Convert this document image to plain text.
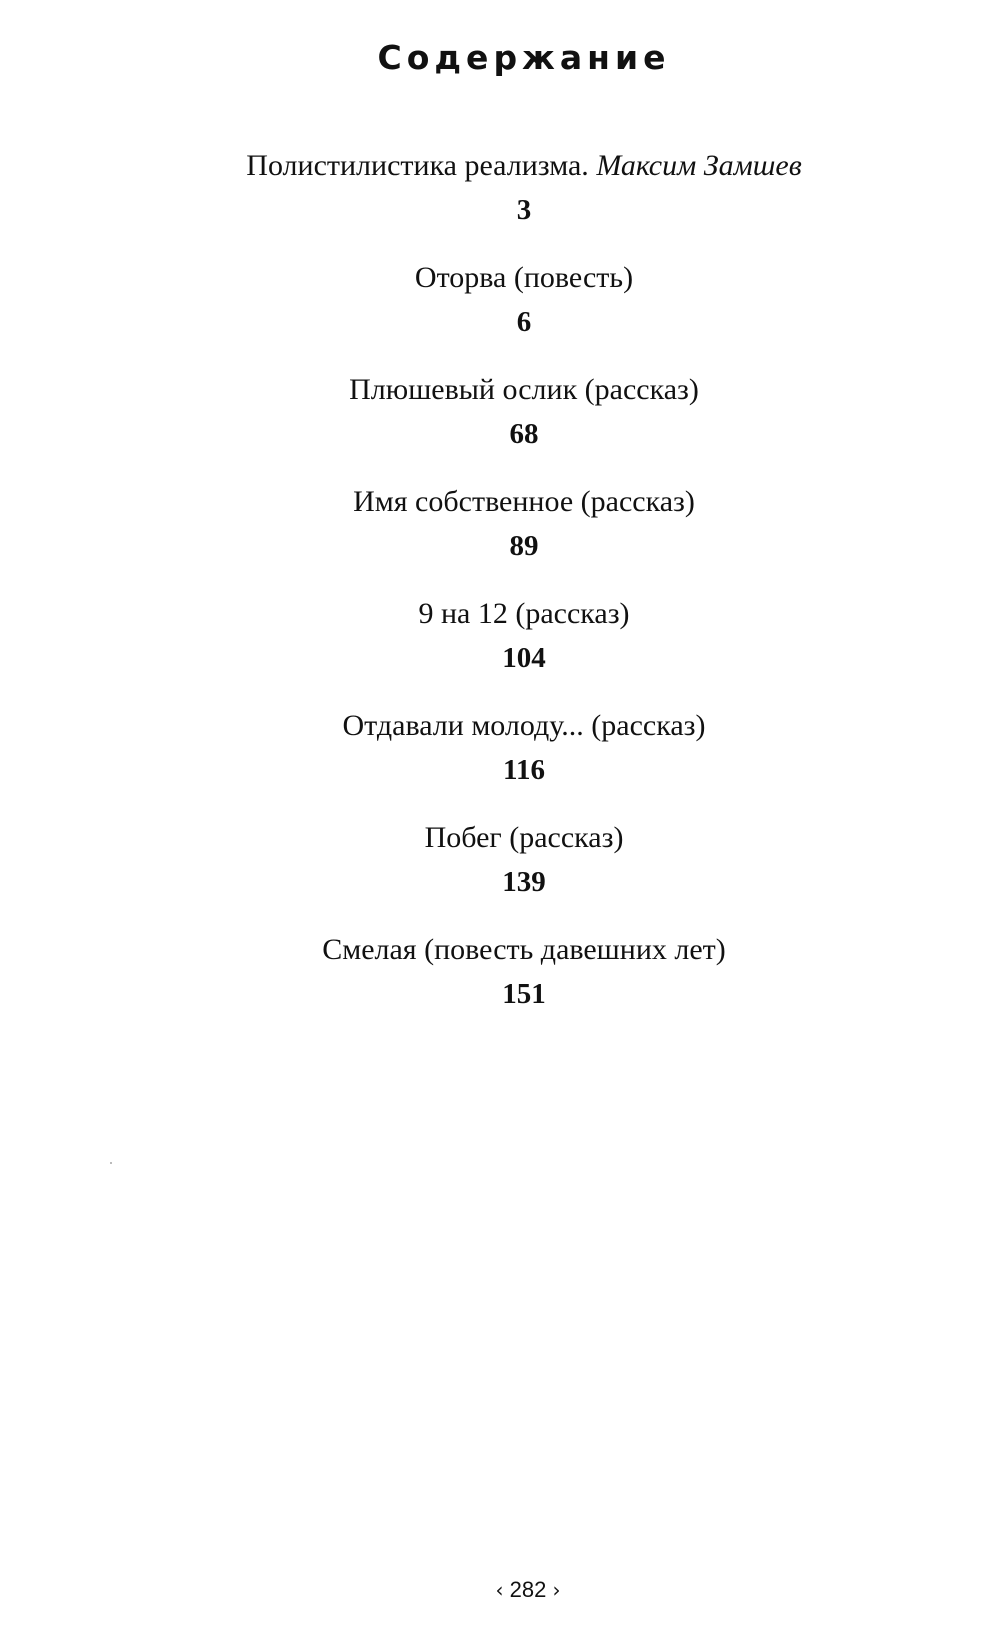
Содержание
Полистилистика реализма. Максим Замшев
3
Оторва (повесть)
6
Плюшевый ослик (рассказ)
68
Имя собственное (рассказ)
89
9 на 12 (рассказ)
104
Отдавали молоду... (рассказ)
116
Побег (рассказ)
139
Смелая (повесть давешних лет)
151
‹ 282 ›
